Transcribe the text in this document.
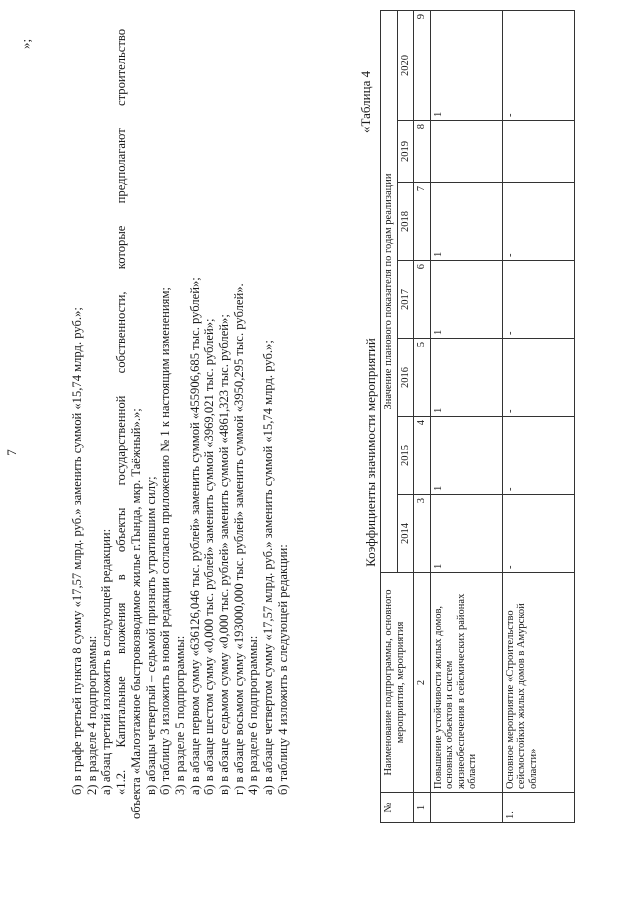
7
»;
б) в графе третьей пункта 8 сумму «17,57 млрд. руб.» заменить суммой «15,74 млрд. руб.»; 2) в разделе 4 подпрограммы: а) абзац третий изложить в следующей редакции: «1.2. Капитальные вложения в объекты государственной собственности, которые предполагают строительство объекта «Малоэтажное быстровозводимое жилье г.Тында, мкр. Таёжный».»; в) абзацы четвертый – седьмой признать утратившим силу; б) таблицу 3 изложить в новой редакции согласно приложению № 1 к настоящим изменениям; 3) в разделе 5 подпрограммы: а) в абзаце первом сумму «636126,046 тыс. рублей» заменить суммой «455906,685 тыс. рублей»; б) в абзаце шестом сумму «0,000 тыс. рублей» заменить суммой «3969,021 тыс. рублей»; в) в абзаце седьмом сумму «0,000 тыс. рублей» заменить суммой «4861,323 тыс. рублей»; г) в абзаце восьмом сумму «193000,000 тыс. рублей» заменить суммой «3950,295 тыс. рублей». 4) в разделе 6 подпрограммы: а) в абзаце четвертом сумму «17,57 млрд. руб.» заменить суммой «15,74 млрд. руб.»; б) таблицу 4 изложить в следующей редакции:
«Таблица 4
Коэффициенты значимости мероприятий
№	Наименование подпрограммы, основного мероприятия, мероприятия	Значение планового показателя по годам реализации						
		2014	2015	2016	2017	2018	2019	2020
1	2	3	4	5	6	7	8	9
	Повышение устойчивости жилых домов, основных объектов и систем жизнеобеспечения в сейсмических районах области	1	1	1	1	1		1
1.	Основное мероприятие «Строительство сейсмостойких жилых домов в Амурской области»	-	-	-	-	-		-
